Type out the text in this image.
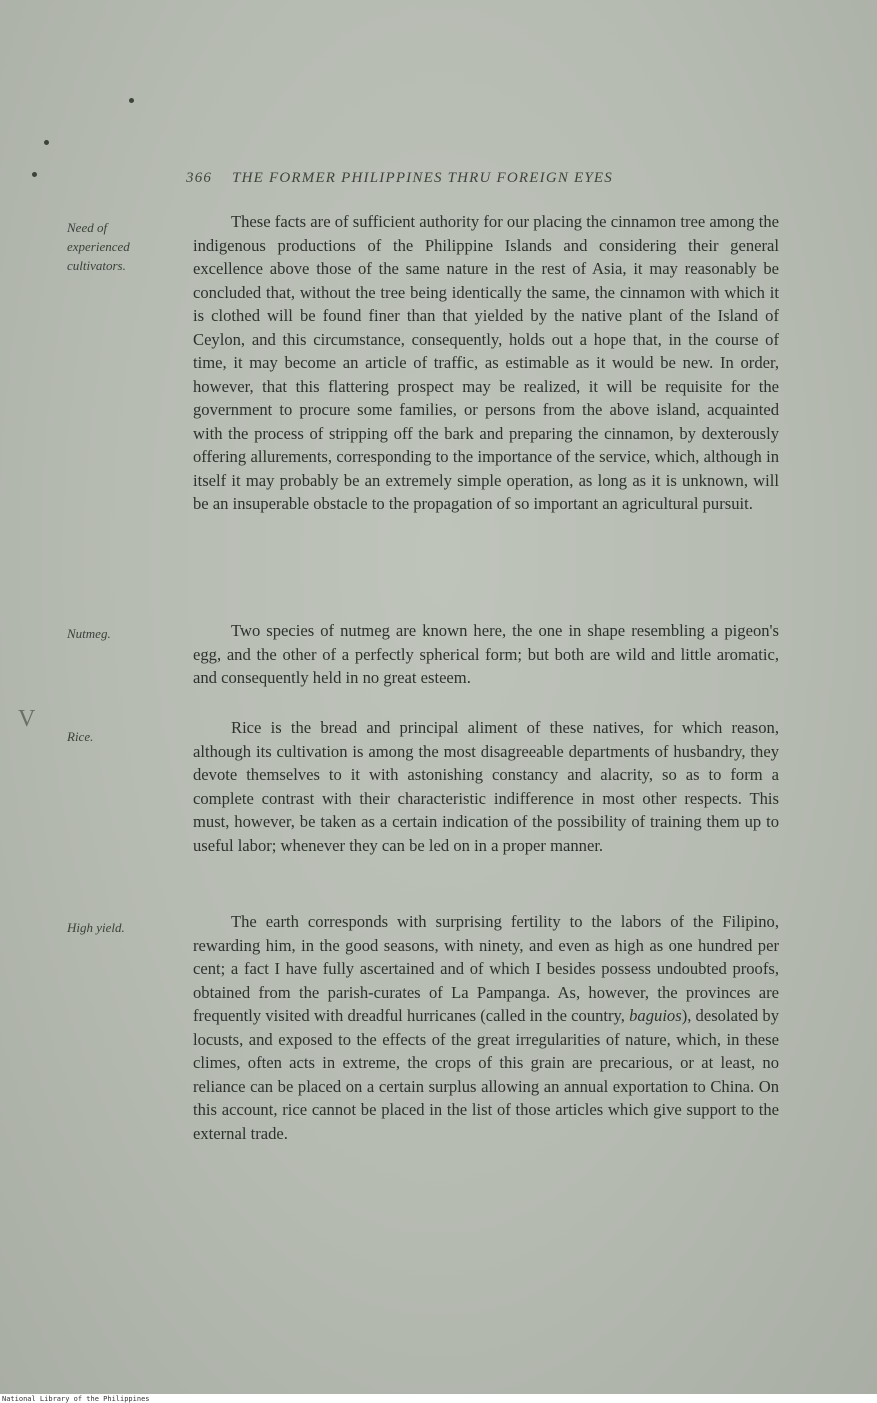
366 THE FORMER PHILIPPINES THRU FOREIGN EYES
Need of
experienced
cultivators.
Nutmeg.
Rice.
High yield.
V

These facts are of sufficient authority for our placing the cinnamon tree among the indigenous productions of the Philippine Islands and considering their general excellence above those of the same nature in the rest of Asia, it may reasonably be concluded that, without the tree being identically the same, the cinnamon with which it is clothed will be found finer than that yielded by the native plant of the Island of Ceylon, and this circumstance, consequently, holds out a hope that, in the course of time, it may become an article of traffic, as estimable as it would be new. In order, however, that this flattering prospect may be realized, it will be requisite for the government to procure some families, or persons from the above island, acquainted with the process of stripping off the bark and preparing the cinnamon, by dexterously offering allurements, corresponding to the importance of the service, which, although in itself it may probably be an extremely simple operation, as long as it is unknown, will be an insuperable obstacle to the propagation of so important an agricultural pursuit.

Two species of nutmeg are known here, the one in shape resembling a pigeon's egg, and the other of a perfectly spherical form; but both are wild and little aromatic, and consequently held in no great esteem.

Rice is the bread and principal aliment of these natives, for which reason, although its cultivation is among the most disagreeable departments of husbandry, they devote themselves to it with astonishing constancy and alacrity, so as to form a complete contrast with their characteristic indifference in most other respects. This must, however, be taken as a certain indication of the possibility of training them up to useful labor; whenever they can be led on in a proper manner.

The earth corresponds with surprising fertility to the labors of the Filipino, rewarding him, in the good seasons, with ninety, and even as high as one hundred per cent; a fact I have fully ascertained and of which I besides possess undoubted proofs, obtained from the parish-curates of La Pampanga. As, however, the provinces are frequently visited with dreadful hurricanes (called in the country, baguios), desolated by locusts, and exposed to the effects of the great irregularities of nature, which, in these climes, often acts in extreme, the crops of this grain are precarious, or at least, no reliance can be placed on a certain surplus allowing an annual exportation to China. On this account, rice cannot be placed in the list of those articles which give support to the external trade.

National Library of the Philippines
